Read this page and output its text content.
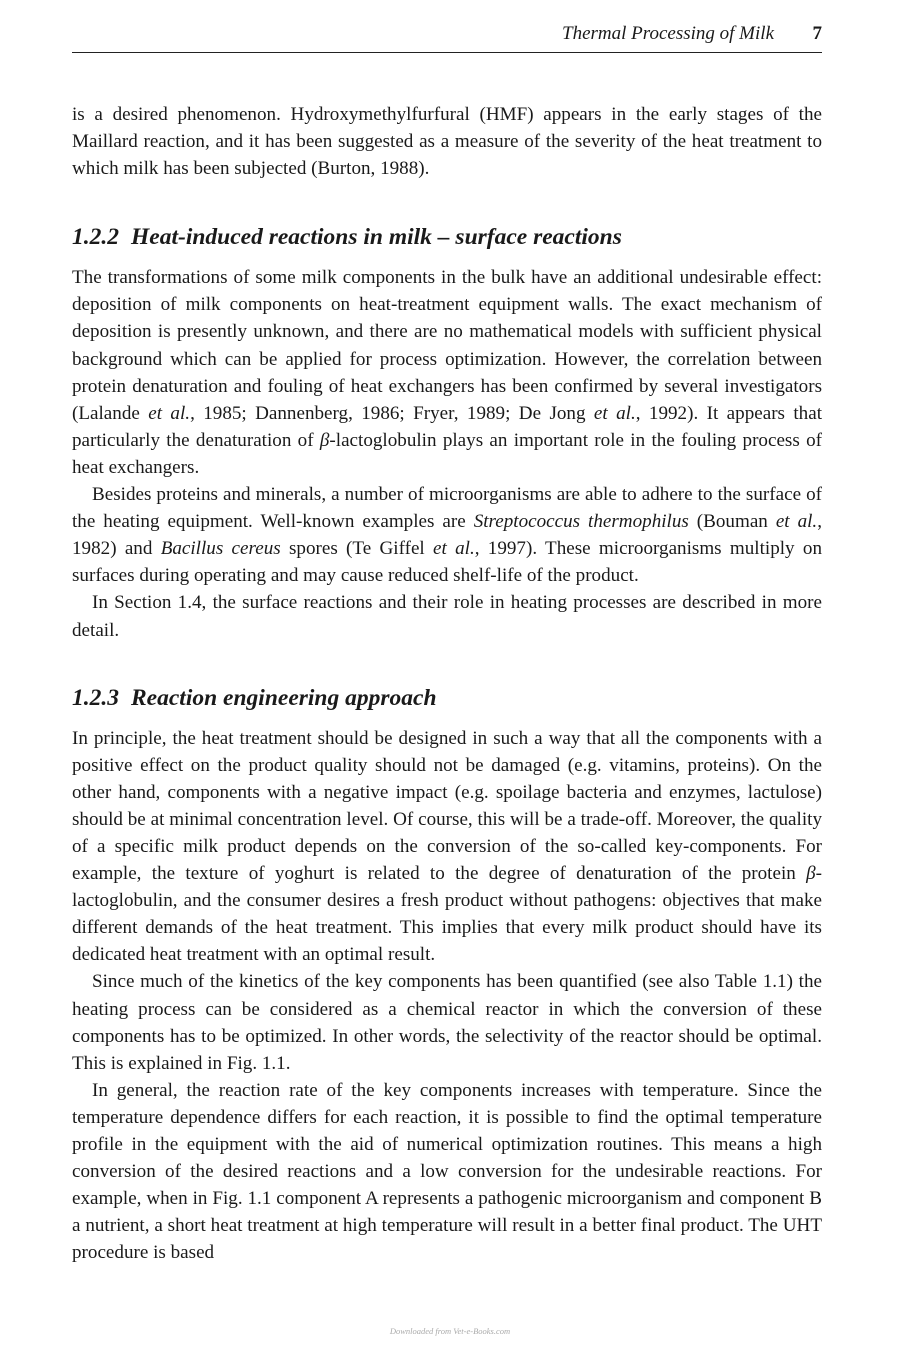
Thermal Processing of Milk 7

is a desired phenomenon. Hydroxymethylfurfural (HMF) appears in the early stages of the Maillard reaction, and it has been suggested as a measure of the severity of the heat treatment to which milk has been subjected (Burton, 1988).

1.2.2 Heat-induced reactions in milk – surface reactions

The transformations of some milk components in the bulk have an additional undesirable effect: deposition of milk components on heat-treatment equipment walls. The exact mechanism of deposition is presently unknown, and there are no mathematical models with sufficient physical background which can be applied for process optimization. However, the correlation between protein denaturation and fouling of heat exchangers has been confirmed by several investigators (Lalande et al., 1985; Dannenberg, 1986; Fryer, 1989; De Jong et al., 1992). It appears that particularly the denaturation of β-lactoglobulin plays an important role in the fouling process of heat exchangers.

Besides proteins and minerals, a number of microorganisms are able to adhere to the surface of the heating equipment. Well-known examples are Streptococcus thermophilus (Bouman et al., 1982) and Bacillus cereus spores (Te Giffel et al., 1997). These microorganisms multiply on surfaces during operating and may cause reduced shelf-life of the product.

In Section 1.4, the surface reactions and their role in heating processes are described in more detail.

1.2.3 Reaction engineering approach

In principle, the heat treatment should be designed in such a way that all the components with a positive effect on the product quality should not be damaged (e.g. vitamins, proteins). On the other hand, components with a negative impact (e.g. spoilage bacteria and enzymes, lactulose) should be at minimal concentration level. Of course, this will be a trade-off. Moreover, the quality of a specific milk product depends on the conversion of the so-called key-components. For example, the texture of yoghurt is related to the degree of denaturation of the protein β-lactoglobulin, and the consumer desires a fresh product without pathogens: objectives that make different demands of the heat treatment. This implies that every milk product should have its dedicated heat treatment with an optimal result.

Since much of the kinetics of the key components has been quantified (see also Table 1.1) the heating process can be considered as a chemical reactor in which the conversion of these components has to be optimized. In other words, the selectivity of the reactor should be optimal. This is explained in Fig. 1.1.

In general, the reaction rate of the key components increases with temperature. Since the temperature dependence differs for each reaction, it is possible to find the optimal temperature profile in the equipment with the aid of numerical optimization routines. This means a high conversion of the desired reactions and a low conversion for the undesirable reactions. For example, when in Fig. 1.1 component A represents a pathogenic microorganism and component B a nutrient, a short heat treatment at high temperature will result in a better final product. The UHT procedure is based

Downloaded from Vet-e-Books.com
